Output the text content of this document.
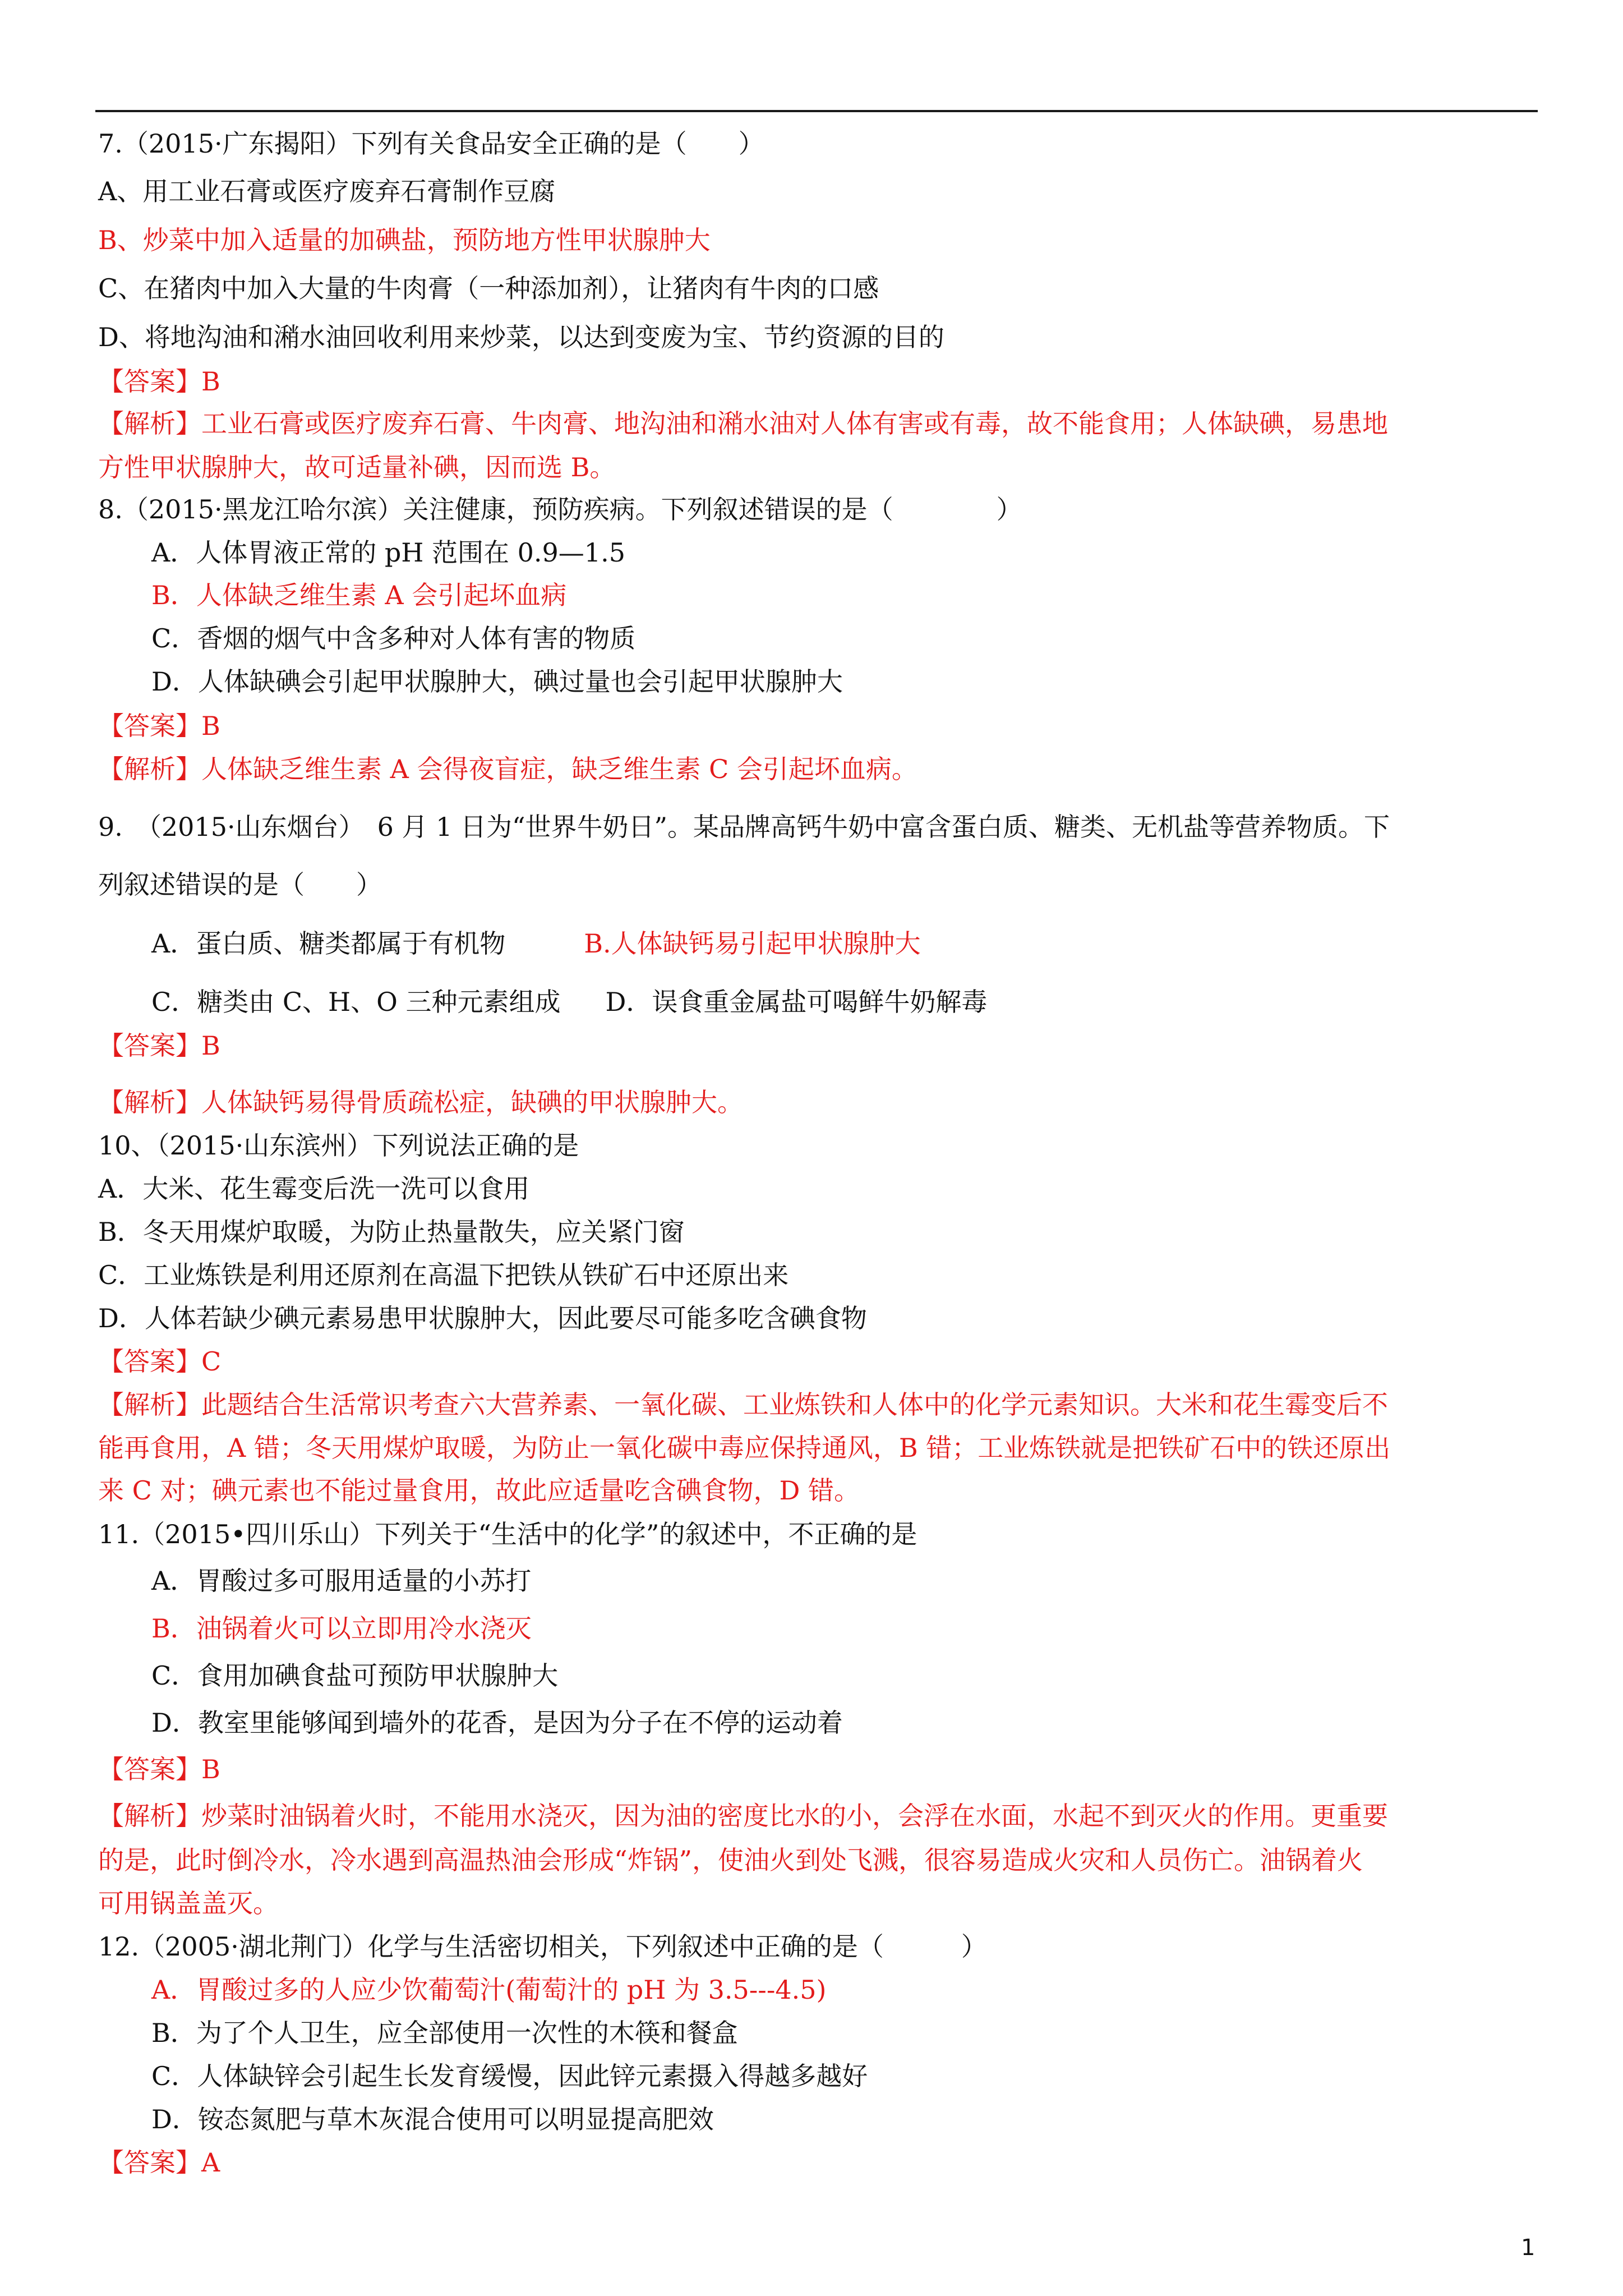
7.（2015·广东揭阳）下列有关食品安全正确的是（　　）
A、用工业石膏或医疗废弃石膏制作豆腐
B、炒菜中加入适量的加碘盐，预防地方性甲状腺肿大
C、在猪肉中加入大量的牛肉膏（一种添加剂），让猪肉有牛肉的口感
D、将地沟油和潲水油回收利用来炒菜，以达到变废为宝、节约资源的目的
【答案】B
【解析】工业石膏或医疗废弃石膏、牛肉膏、地沟油和潲水油对人体有害或有毒，故不能食用；人体缺碘，易患地
方性甲状腺肿大，故可适量补碘，因而选 B。
8.（2015·黑龙江哈尔滨）关注健康，预防疾病。下列叙述错误的是（　　　　）
A．人体胃液正常的 pH 范围在 0.9—1.5
B．人体缺乏维生素 A 会引起坏血病
C．香烟的烟气中含多种对人体有害的物质
D．人体缺碘会引起甲状腺肿大，碘过量也会引起甲状腺肿大
【答案】B
【解析】人体缺乏维生素 A 会得夜盲症，缺乏维生素 C 会引起坏血病。
9.　（2015·山东烟台）　6 月 1 日为“世界牛奶日”。某品牌高钙牛奶中富含蛋白质、糖类、无机盐等营养物质。下
列叙述错误的是（　　）
A．蛋白质、糖类都属于有机物	B.人体缺钙易引起甲状腺肿大
C．糖类由 C、H、O 三种元素组成 D．误食重金属盐可喝鲜牛奶解毒
【答案】B
【解析】人体缺钙易得骨质疏松症，缺碘的甲状腺肿大。
10、（2015·山东滨州）下列说法正确的是
A．大米、花生霉变后洗一洗可以食用
B．冬天用煤炉取暖，为防止热量散失，应关紧门窗
C．工业炼铁是利用还原剂在高温下把铁从铁矿石中还原出来
D．人体若缺少碘元素易患甲状腺肿大，因此要尽可能多吃含碘食物
【答案】C
【解析】此题结合生活常识考查六大营养素、一氧化碳、工业炼铁和人体中的化学元素知识。大米和花生霉变后不
能再食用，A 错；冬天用煤炉取暖，为防止一氧化碳中毒应保持通风，B 错；工业炼铁就是把铁矿石中的铁还原出
来 C 对；碘元素也不能过量食用，故此应适量吃含碘食物，D 错。
11.（2015•四川乐山）下列关于“生活中的化学”的叙述中，不正确的是
A．胃酸过多可服用适量的小苏打
B．油锅着火可以立即用冷水浇灭
C．食用加碘食盐可预防甲状腺肿大
D．教室里能够闻到墙外的花香，是因为分子在不停的运动着
【答案】B
【解析】炒菜时油锅着火时，不能用水浇灭，因为油的密度比水的小，会浮在水面，水起不到灭火的作用。更重要
的是，此时倒冷水，冷水遇到高温热油会形成“炸锅”，使油火到处飞溅，很容易造成火灾和人员伤亡。油锅着火
可用锅盖盖灭。
12.（2005·湖北荆门）化学与生活密切相关，下列叙述中正确的是（　　　）
A．胃酸过多的人应少饮葡萄汁(葡萄汁的 pH 为 3.5---4.5)
B．为了个人卫生，应全部使用一次性的木筷和餐盒
C．人体缺锌会引起生长发育缓慢，因此锌元素摄入得越多越好
D．铵态氮肥与草木灰混合使用可以明显提高肥效
【答案】A
1
